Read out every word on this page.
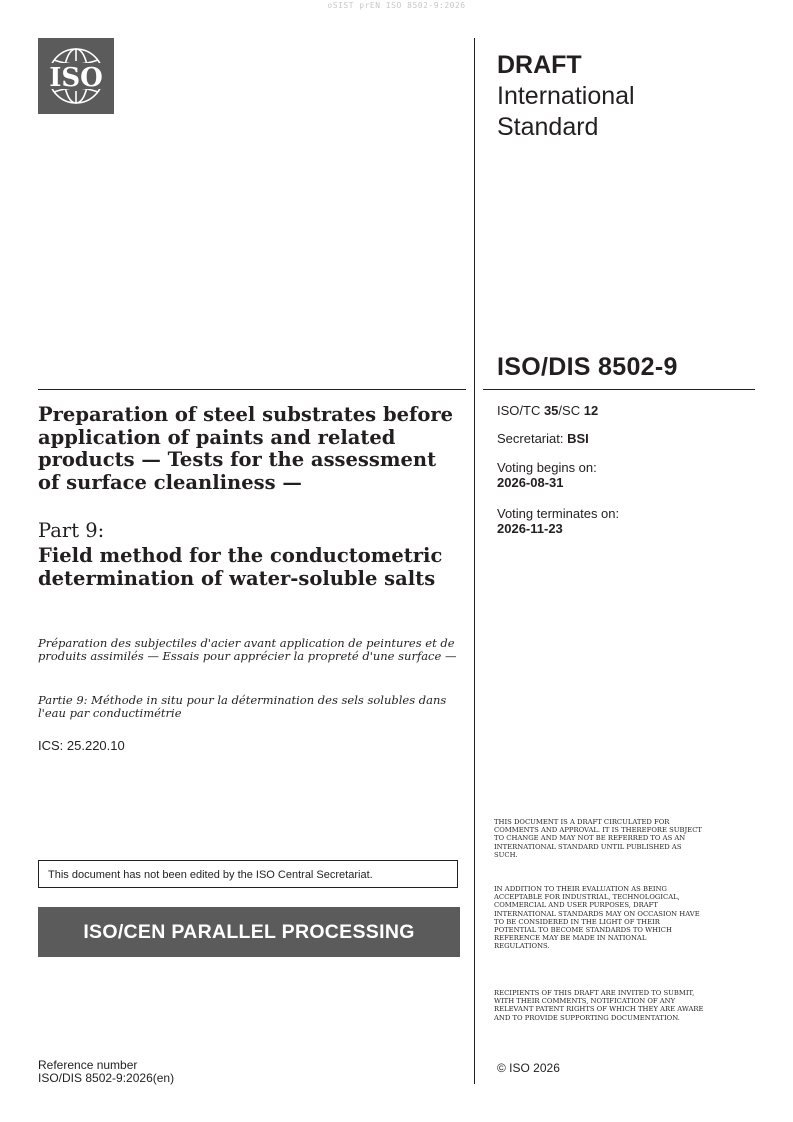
oSIST prEN ISO 8502-9:2026
ISO	DRAFT
International
Standard
ISO/DIS 8502-9
ISO/TC 35/SC 12
Secretariat: BSI
Voting begins on:
2026-08-31
Voting terminates on:
2026-11-23
Preparation of steel substrates before application of paints and related products — Tests for the assessment of surface cleanliness —
Part 9:
Field method for the conductometric determination of water-soluble salts
Préparation des subjectiles d'acier avant application de peintures et de produits assimilés — Essais pour apprécier la propreté d'une surface —
Partie 9: Méthode in situ pour la détermination des sels solubles dans l'eau par conductimétrie
ICS: 25.220.10
This document has not been edited by the ISO Central Secretariat.
ISO/CEN PARALLEL PROCESSING
THIS DOCUMENT IS A DRAFT CIRCULATED FOR COMMENTS AND APPROVAL. IT IS THEREFORE SUBJECT TO CHANGE AND MAY NOT BE REFERRED TO AS AN INTERNATIONAL STANDARD UNTIL PUBLISHED AS SUCH.
IN ADDITION TO THEIR EVALUATION AS BEING ACCEPTABLE FOR INDUSTRIAL, TECHNOLOGICAL, COMMERCIAL AND USER PURPOSES, DRAFT INTERNATIONAL STANDARDS MAY ON OCCASION HAVE TO BE CONSIDERED IN THE LIGHT OF THEIR POTENTIAL TO BECOME STANDARDS TO WHICH REFERENCE MAY BE MADE IN NATIONAL REGULATIONS.
RECIPIENTS OF THIS DRAFT ARE INVITED TO SUBMIT, WITH THEIR COMMENTS, NOTIFICATION OF ANY RELEVANT PATENT RIGHTS OF WHICH THEY ARE AWARE AND TO PROVIDE SUPPORTING DOCUMENTATION.
© ISO 2026
Reference number
ISO/DIS 8502-9:2026(en)
